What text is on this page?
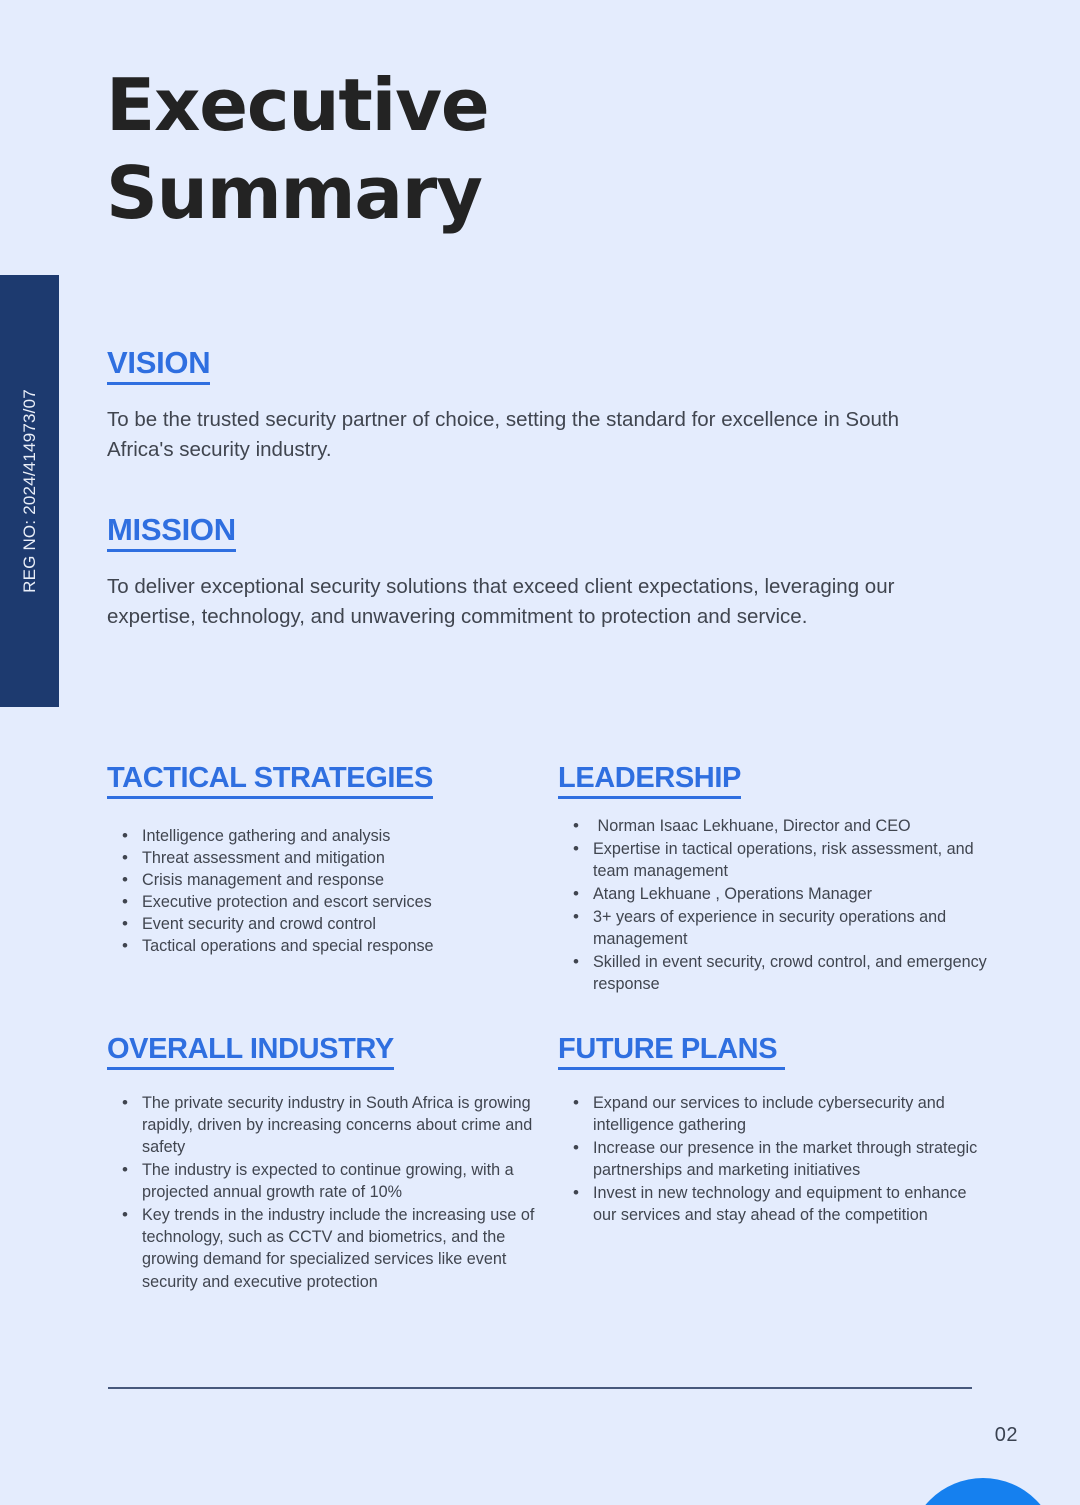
REG NO: 2024/414973/07
Executive Summary
VISION
To be the trusted security partner of choice, setting the standard for excellence in South Africa's security industry.
MISSION
To deliver exceptional security solutions that exceed client expectations, leveraging our expertise, technology, and unwavering commitment to protection and service.
TACTICAL STRATEGIES
• Intelligence gathering and analysis
• Threat assessment and mitigation
• Crisis management and response
• Executive protection and escort services
• Event security and crowd control
• Tactical operations and special response
LEADERSHIP
•  Norman Isaac Lekhuane, Director and CEO
• Expertise in tactical operations, risk assessment, and team management
• Atang Lekhuane , Operations Manager
• 3+ years of experience in security operations and management
• Skilled in event security, crowd control, and emergency response
OVERALL INDUSTRY
• The private security industry in South Africa is growing rapidly, driven by increasing concerns about crime and safety
• The industry is expected to continue growing, with a projected annual growth rate of 10%
• Key trends in the industry include the increasing use of technology, such as CCTV and biometrics, and the growing demand for specialized services like event security and executive protection
FUTURE PLANS
• Expand our services to include cybersecurity and intelligence gathering
• Increase our presence in the market through strategic partnerships and marketing initiatives
• Invest in new technology and equipment to enhance our services and stay ahead of the competition
02
